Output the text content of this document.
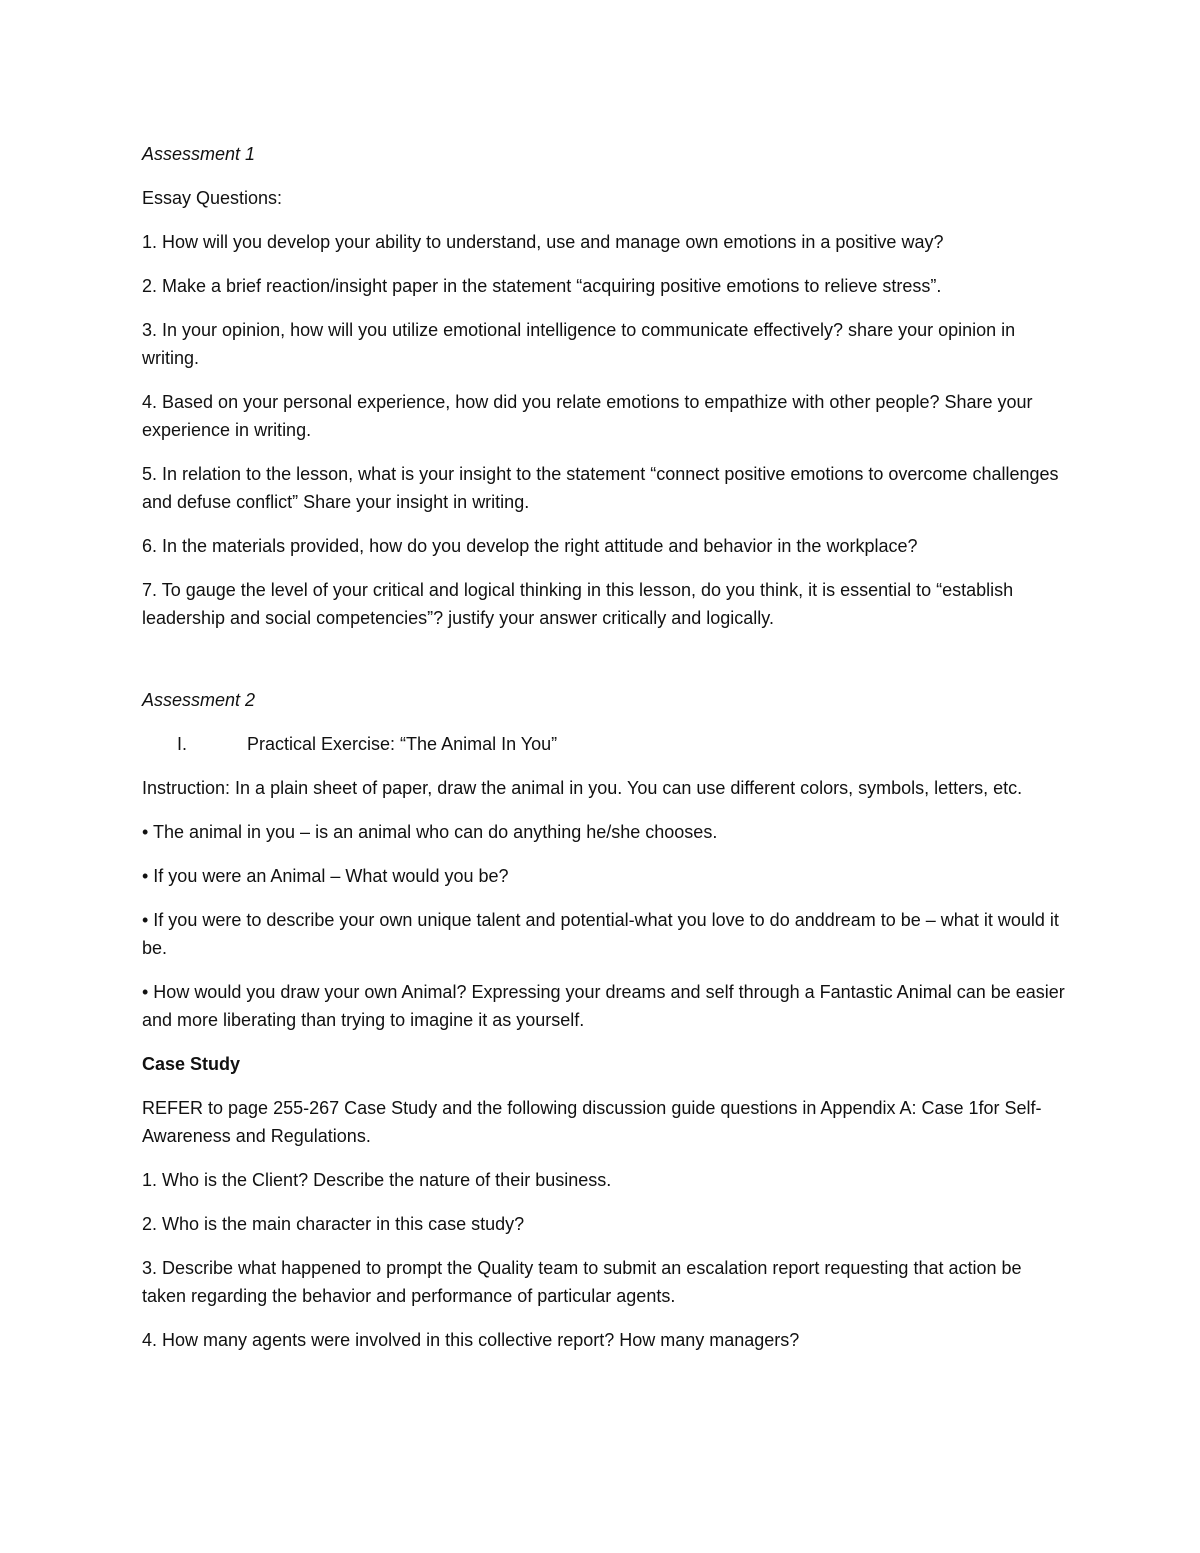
Assessment 1

Essay Questions:

1. How will you develop your ability to understand, use and manage own emotions in a positive way?

2. Make a brief reaction/insight paper in the statement “acquiring positive emotions to relieve stress”.

3. In your opinion, how will you utilize emotional intelligence to communicate effectively? share your opinion in writing.

4. Based on your personal experience, how did you relate emotions to empathize with other people? Share your experience in writing.

5. In relation to the lesson, what is your insight to the statement “connect positive emotions to overcome challenges and defuse conflict” Share your insight in writing.

6. In the materials provided, how do you develop the right attitude and behavior in the workplace?

7. To gauge the level of your critical and logical thinking in this lesson, do you think, it is essential to “establish leadership and social competencies”? justify your answer critically and logically.

Assessment 2

I.	Practical Exercise: “The Animal In You”

Instruction: In a plain sheet of paper, draw the animal in you. You can use different colors, symbols, letters, etc.

• The animal in you – is an animal who can do anything he/she chooses.

• If you were an Animal – What would you be?

• If you were to describe your own unique talent and potential-what you love to do anddream to be – what it would it be.

• How would you draw your own Animal? Expressing your dreams and self through a Fantastic Animal can be easier and more liberating than trying to imagine it as yourself.

Case Study

REFER to page 255-267 Case Study and the following discussion guide questions in Appendix A: Case 1for Self-Awareness and Regulations.

1. Who is the Client? Describe the nature of their business.

2. Who is the main character in this case study?

3. Describe what happened to prompt the Quality team to submit an escalation report requesting that action be taken regarding the behavior and performance of particular agents.

4. How many agents were involved in this collective report? How many managers?
